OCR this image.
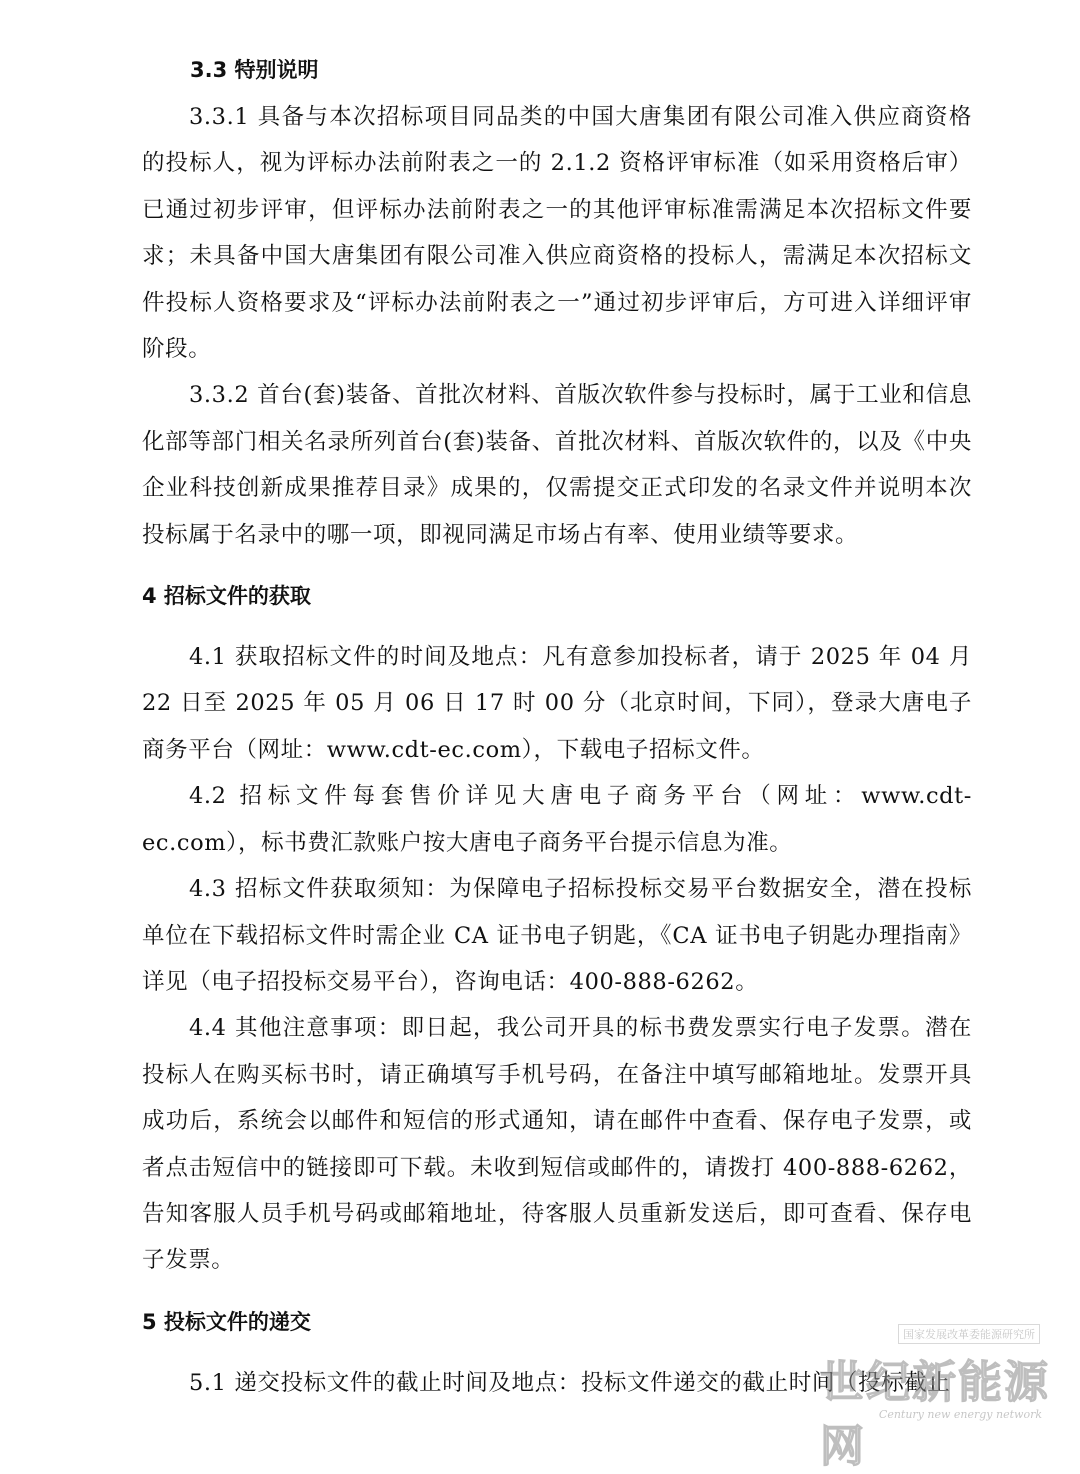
3.3 特别说明

3.3.1 具备与本次招标项目同品类的中国大唐集团有限公司准入供应商资格的投标人，视为评标办法前附表之一的 2.1.2 资格评审标准（如采用资格后审）已通过初步评审，但评标办法前附表之一的其他评审标准需满足本次招标文件要求；未具备中国大唐集团有限公司准入供应商资格的投标人，需满足本次招标文件投标人资格要求及“评标办法前附表之一”通过初步评审后，方可进入详细评审阶段。

3.3.2 首台(套)装备、首批次材料、首版次软件参与投标时，属于工业和信息化部等部门相关名录所列首台(套)装备、首批次材料、首版次软件的，以及《中央企业科技创新成果推荐目录》成果的，仅需提交正式印发的名录文件并说明本次投标属于名录中的哪一项，即视同满足市场占有率、使用业绩等要求。

4 招标文件的获取

4.1 获取招标文件的时间及地点：凡有意参加投标者，请于 2025 年 04 月 22 日至 2025 年 05 月 06 日 17 时 00 分（北京时间，下同），登录大唐电子商务平台（网址：www.cdt-ec.com），下载电子招标文件。

4.2 招标文件每套售价详见大唐电子商务平台（网址：www.cdt-ec.com），标书费汇款账户按大唐电子商务平台提示信息为准。

4.3 招标文件获取须知：为保障电子招标投标交易平台数据安全，潜在投标单位在下载招标文件时需企业 CA 证书电子钥匙，《CA 证书电子钥匙办理指南》详见（电子招投标交易平台），咨询电话：400-888-6262。

4.4 其他注意事项：即日起，我公司开具的标书费发票实行电子发票。潜在投标人在购买标书时，请正确填写手机号码，在备注中填写邮箱地址。发票开具成功后，系统会以邮件和短信的形式通知，请在邮件中查看、保存电子发票，或者点击短信中的链接即可下载。未收到短信或邮件的，请拨打 400-888-6262，告知客服人员手机号码或邮箱地址，待客服人员重新发送后，即可查看、保存电子发票。

5 投标文件的递交

5.1 递交投标文件的截止时间及地点：投标文件递交的截止时间（投标截止

国家发展改革委能源研究所
世纪新能源网
Century new energy network
